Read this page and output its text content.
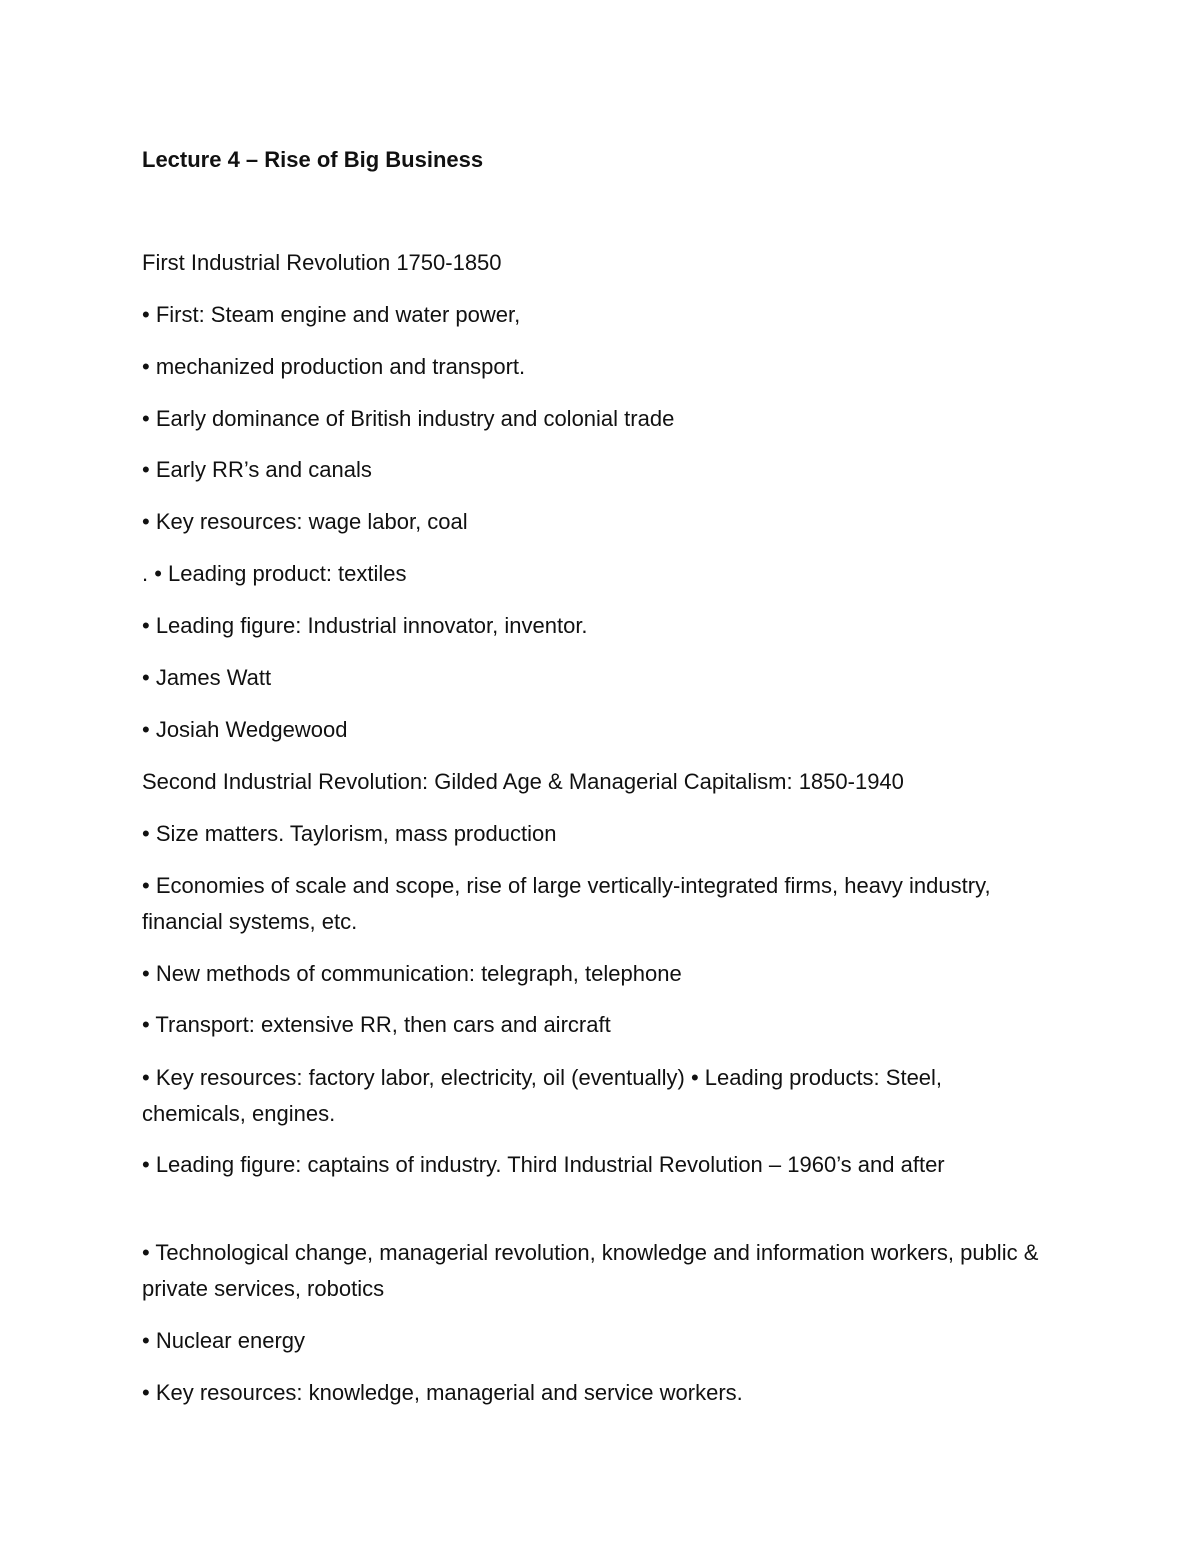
Lecture 4 – Rise of Big Business
First Industrial Revolution 1750-1850
• First: Steam engine and water power,
• mechanized production and transport.
• Early dominance of British industry and colonial trade
• Early RR’s and canals
• Key resources: wage labor, coal
. • Leading product: textiles
• Leading figure: Industrial innovator, inventor.
• James Watt
• Josiah Wedgewood
Second Industrial Revolution: Gilded Age & Managerial Capitalism: 1850-1940
• Size matters. Taylorism, mass production
• Economies of scale and scope, rise of large vertically-integrated firms, heavy industry, financial systems, etc.
• New methods of communication: telegraph, telephone
• Transport: extensive RR, then cars and aircraft
• Key resources: factory labor, electricity, oil (eventually) • Leading products: Steel, chemicals, engines.
• Leading figure: captains of industry. Third Industrial Revolution – 1960’s and after
• Technological change, managerial revolution, knowledge and information workers, public & private services, robotics
• Nuclear energy
• Key resources: knowledge, managerial and service workers.
